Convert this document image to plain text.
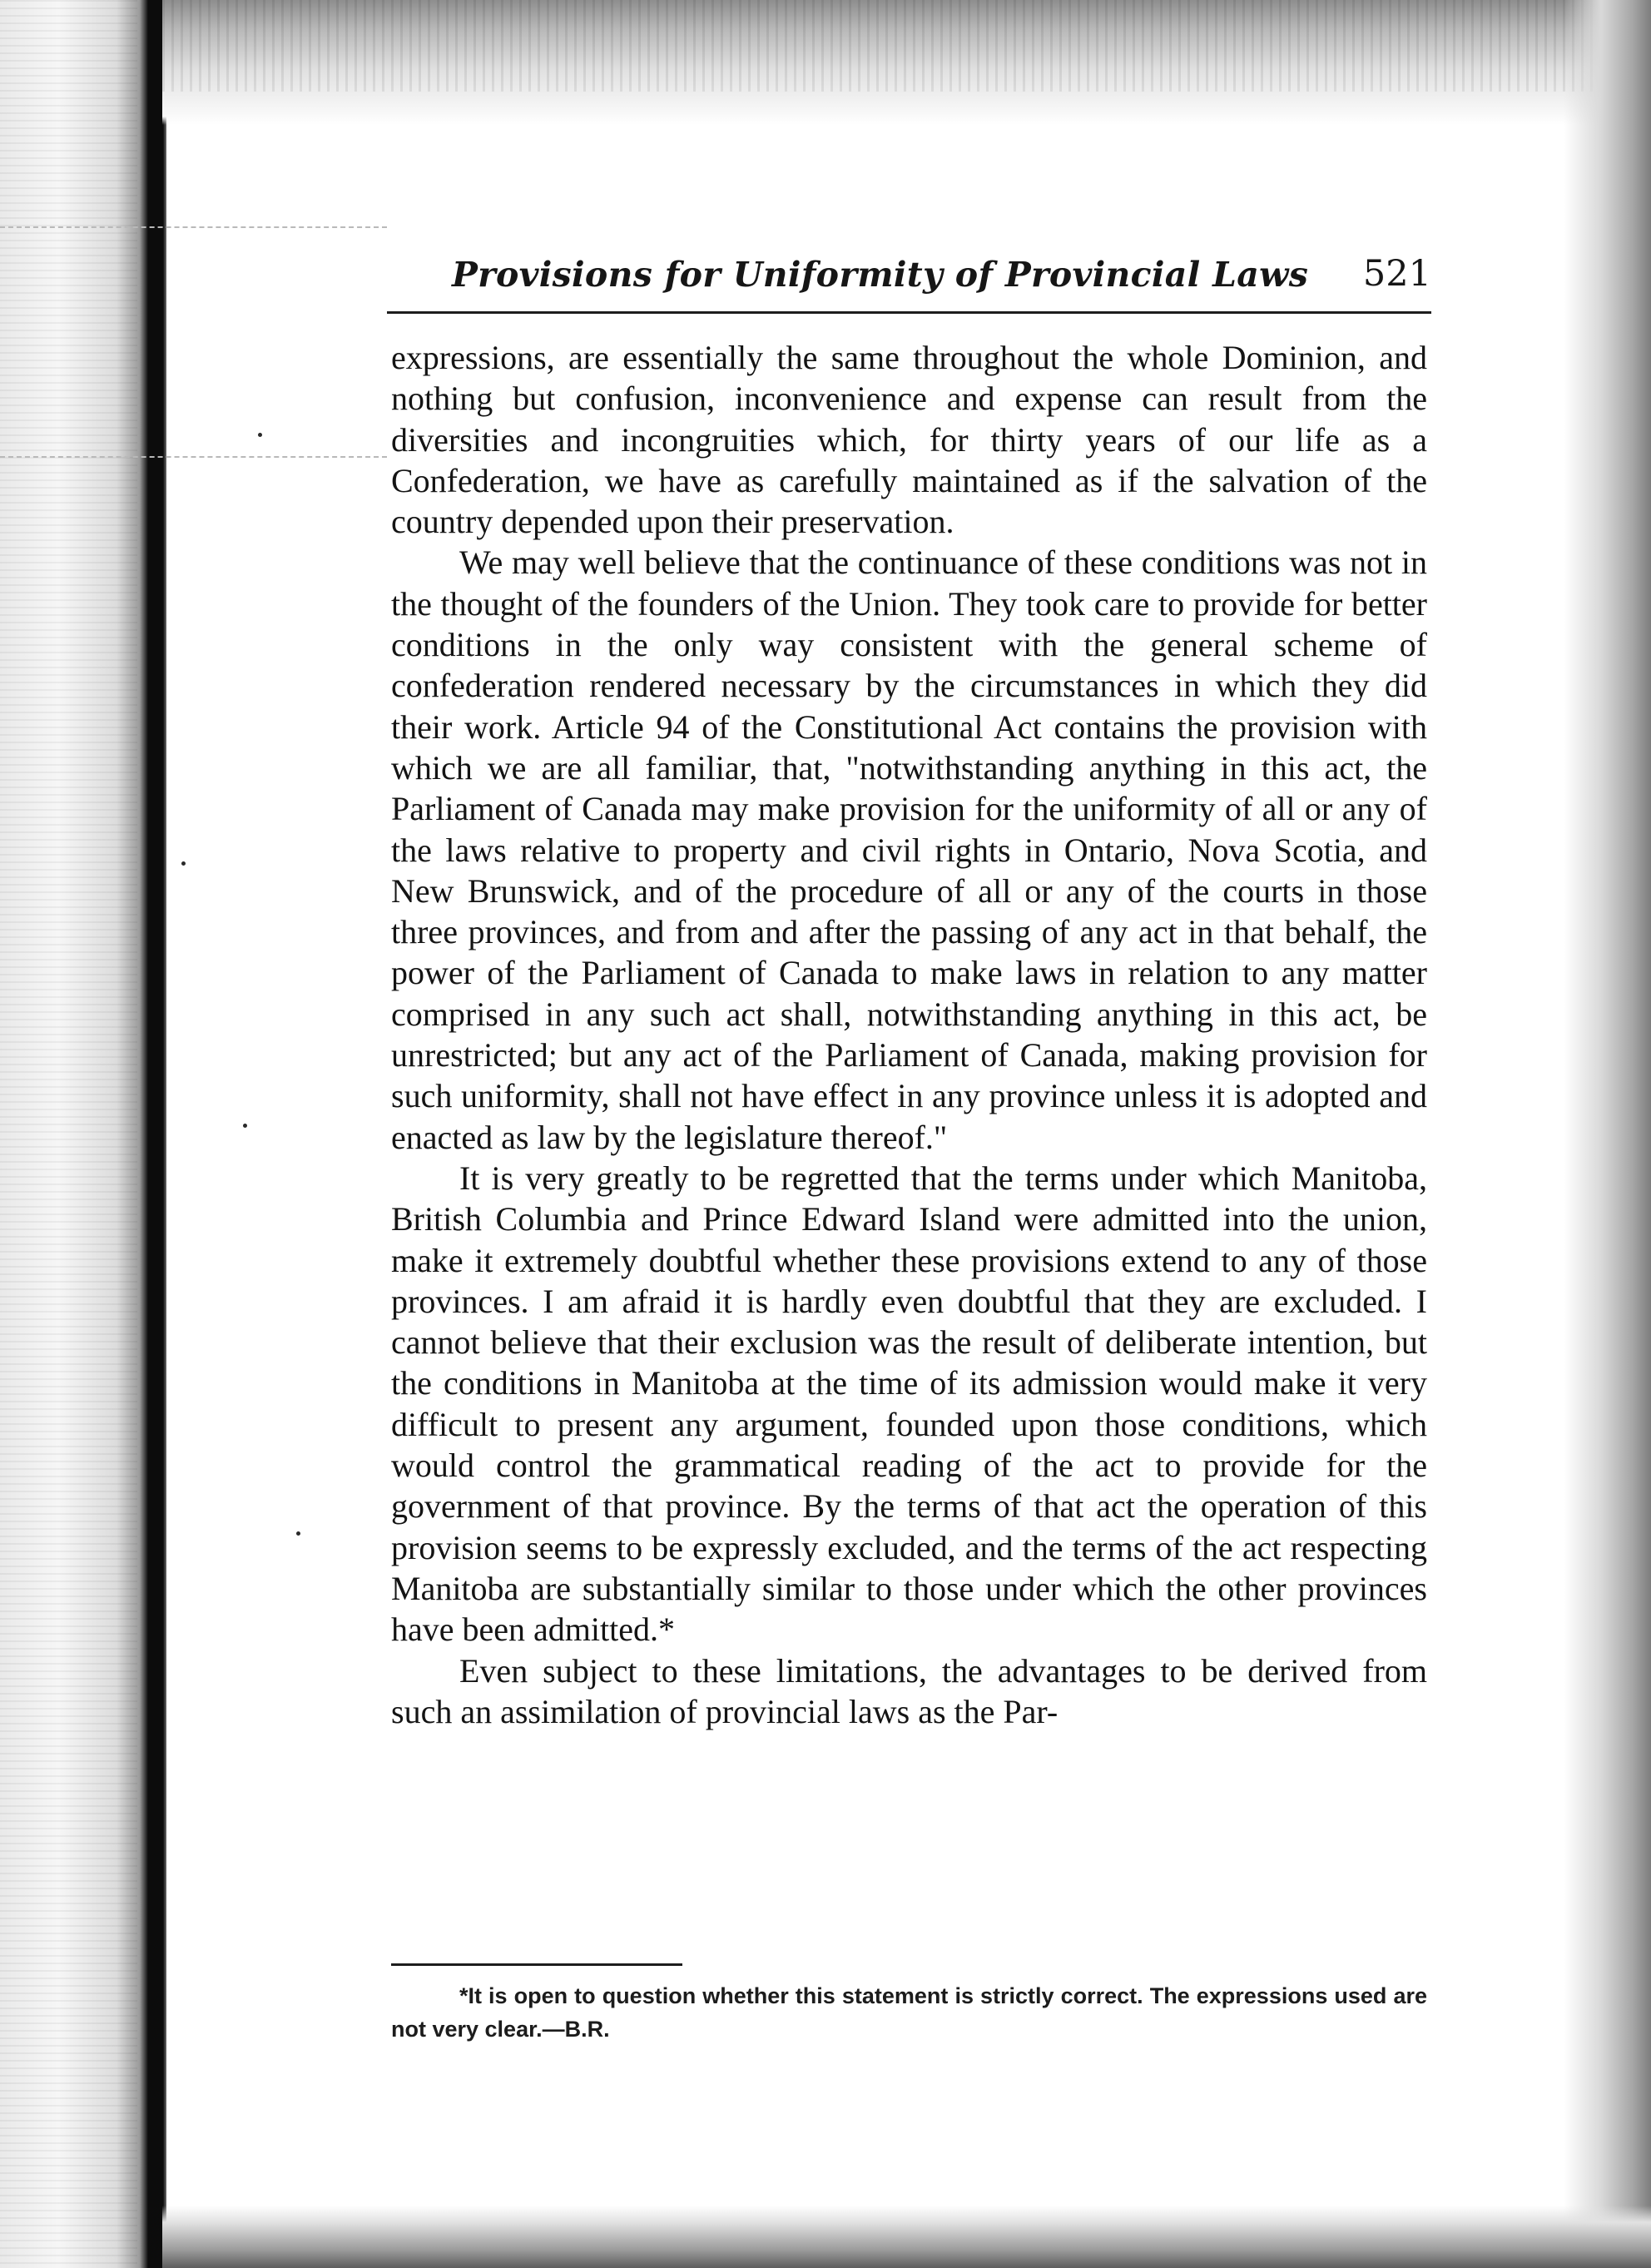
Provisions for Uniformity of Provincial Laws 521

expressions, are essentially the same throughout the whole Dominion, and nothing but confusion, inconvenience and expense can result from the diversities and incongruities which, for thirty years of our life as a Confederation, we have as carefully maintained as if the salvation of the country depended upon their preservation.

We may well believe that the continuance of these conditions was not in the thought of the founders of the Union. They took care to provide for better conditions in the only way consistent with the general scheme of confederation rendered necessary by the circumstances in which they did their work. Article 94 of the Constitutional Act contains the provision with which we are all familiar, that, "notwithstanding anything in this act, the Parliament of Canada may make provision for the uniformity of all or any of the laws relative to property and civil rights in Ontario, Nova Scotia, and New Brunswick, and of the procedure of all or any of the courts in those three provinces, and from and after the passing of any act in that behalf, the power of the Parliament of Canada to make laws in relation to any matter comprised in any such act shall, notwithstanding anything in this act, be unrestricted; but any act of the Parliament of Canada, making provision for such uniformity, shall not have effect in any province unless it is adopted and enacted as law by the legislature thereof."

It is very greatly to be regretted that the terms under which Manitoba, British Columbia and Prince Edward Island were admitted into the union, make it extremely doubtful whether these provisions extend to any of those provinces. I am afraid it is hardly even doubtful that they are excluded. I cannot believe that their exclusion was the result of deliberate intention, but the conditions in Manitoba at the time of its admission would make it very difficult to present any argument, founded upon those conditions, which would control the grammatical reading of the act to provide for the government of that province. By the terms of that act the operation of this provision seems to be expressly excluded, and the terms of the act respecting Manitoba are substantially similar to those under which the other provinces have been admitted.*

Even subject to these limitations, the advantages to be derived from such an assimilation of provincial laws as the Par-

*It is open to question whether this statement is strictly correct. The expressions used are not very clear.—B.R.
